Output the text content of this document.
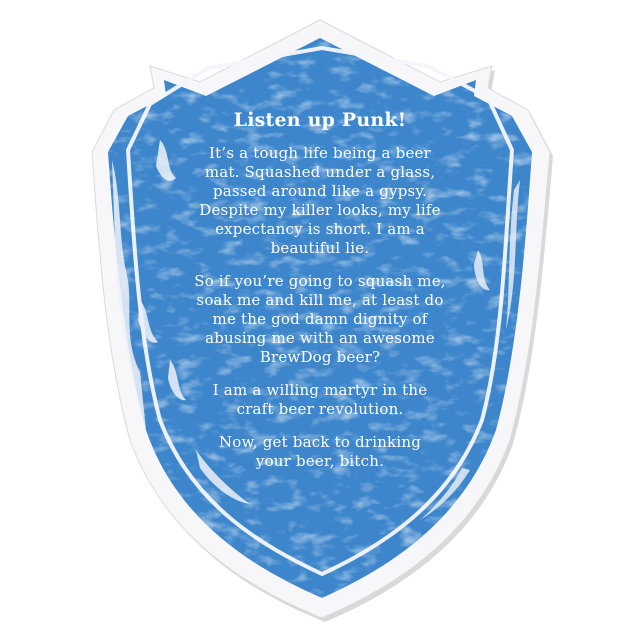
Listen up Punk!
It’s a tough life being a beer
mat. Squashed under a glass,
passed around like a gypsy.
Despite my killer looks, my life
expectancy is short. I am a
beautiful lie.
So if you’re going to squash me,
soak me and kill me, at least do
me the god damn dignity of
abusing me with an awesome
BrewDog beer?
I am a willing martyr in the
craft beer revolution.
Now, get back to drinking
your beer, bitch.
